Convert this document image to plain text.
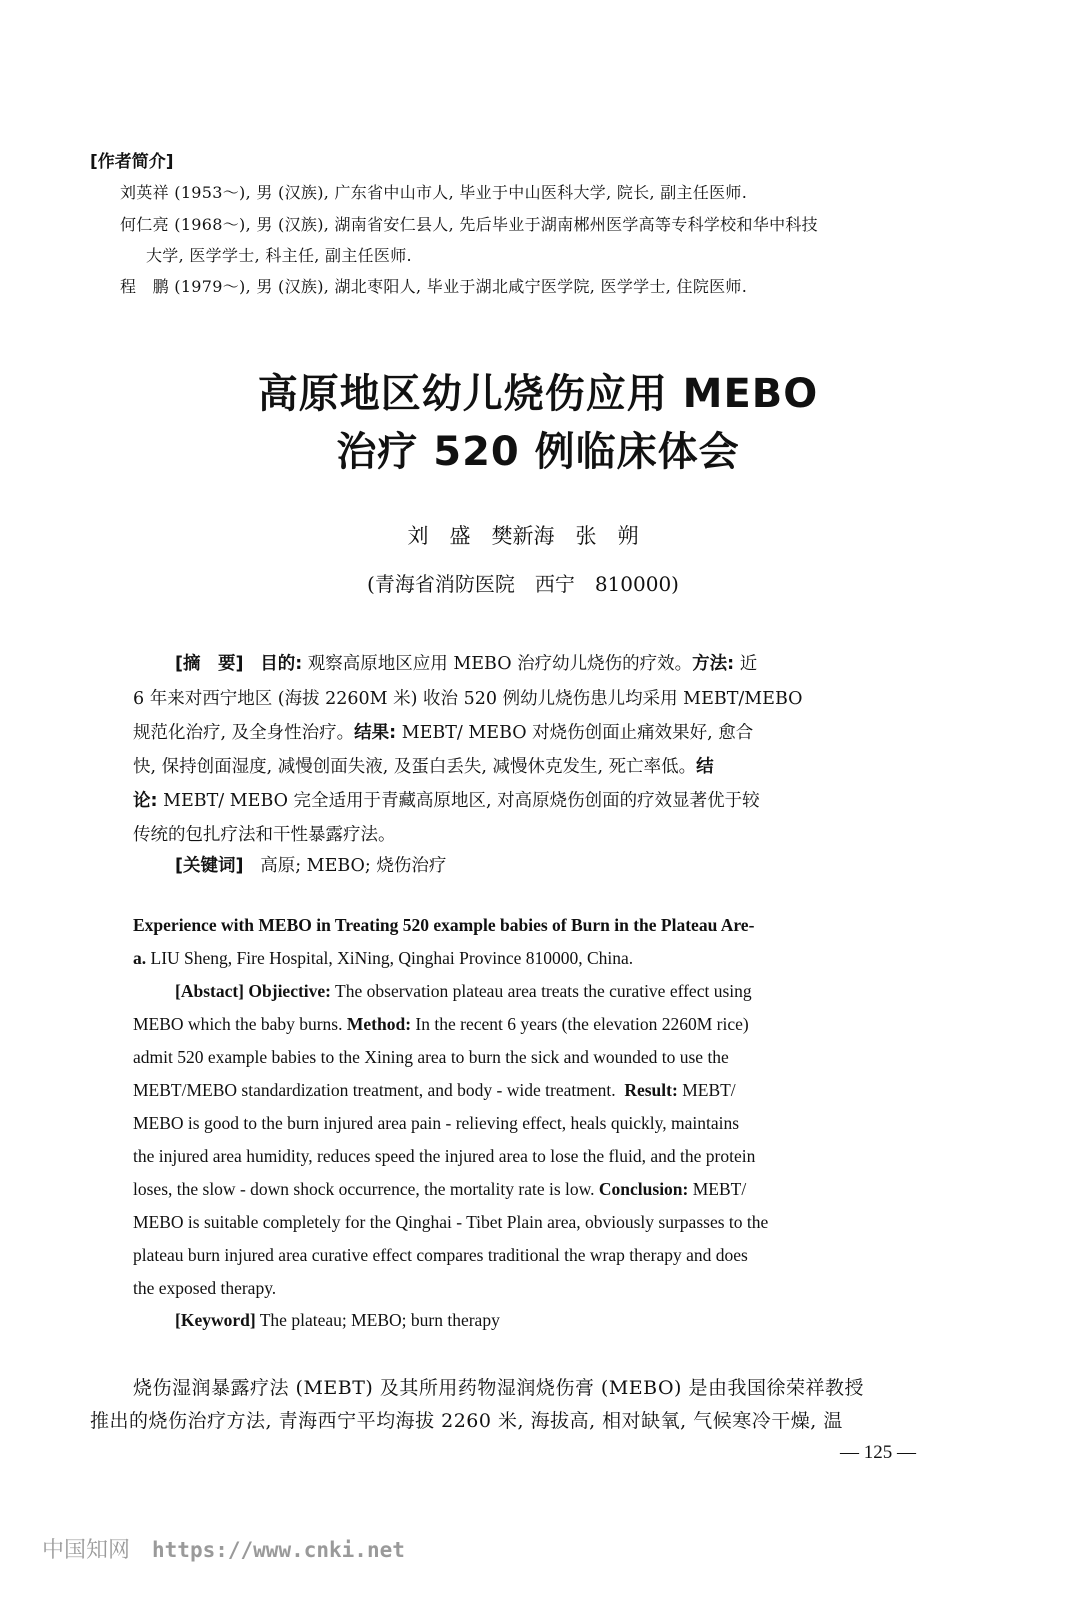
[作者简介]
刘英祥 (1953～), 男 (汉族), 广东省中山市人, 毕业于中山医科大学, 院长, 副主任医师.
何仁亮 (1968～), 男 (汉族), 湖南省安仁县人, 先后毕业于湖南郴州医学高等专科学校和华中科技
大学, 医学学士, 科主任, 副主任医师.
程　鹏 (1979～), 男 (汉族), 湖北枣阳人, 毕业于湖北咸宁医学院, 医学学士, 住院医师.
高原地区幼儿烧伤应用 MEBO
治疗 520 例临床体会
刘　盛　樊新海　张　朔
(青海省消防医院　西宁　810000)
[摘　要] 目的: 观察高原地区应用 MEBO 治疗幼儿烧伤的疗效。方法: 近
6 年来对西宁地区 (海拔 2260M 米) 收治 520 例幼儿烧伤患儿均采用 MEBT/MEBO
规范化治疗, 及全身性治疗。结果: MEBT/ MEBO 对烧伤创面止痛效果好, 愈合
快, 保持创面湿度, 减慢创面失液, 及蛋白丢失, 减慢休克发生, 死亡率低。结
论: MEBT/ MEBO 完全适用于青藏高原地区, 对高原烧伤创面的疗效显著优于较
传统的包扎疗法和干性暴露疗法。
[关键词] 高原; MEBO; 烧伤治疗
Experience with MEBO in Treating 520 example babies of Burn in the Plateau Are-
a. LIU Sheng, Fire Hospital, XiNing, Qinghai Province 810000, China.
[Abstact] Objiective: The observation plateau area treats the curative effect using
MEBO which the baby burns. Method: In the recent 6 years (the elevation 2260M rice)
admit 520 example babies to the Xining area to burn the sick and wounded to use the
MEBT/MEBO standardization treatment, and body - wide treatment. Result: MEBT/
MEBO is good to the burn injured area pain - relieving effect, heals quickly, maintains
the injured area humidity, reduces speed the injured area to lose the fluid, and the protein
loses, the slow - down shock occurrence, the mortality rate is low. Conclusion: MEBT/
MEBO is suitable completely for the Qinghai - Tibet Plain area, obviously surpasses to the
plateau burn injured area curative effect compares traditional the wrap therapy and does
the exposed therapy.
[Keyword] The plateau; MEBO; burn therapy
烧伤湿润暴露疗法 (MEBT) 及其所用药物湿润烧伤膏 (MEBO) 是由我国徐荣祥教授
推出的烧伤治疗方法, 青海西宁平均海拔 2260 米, 海拔高, 相对缺氧, 气候寒冷干燥, 温
— 125 —
中国知网 https://www.cnki.net
